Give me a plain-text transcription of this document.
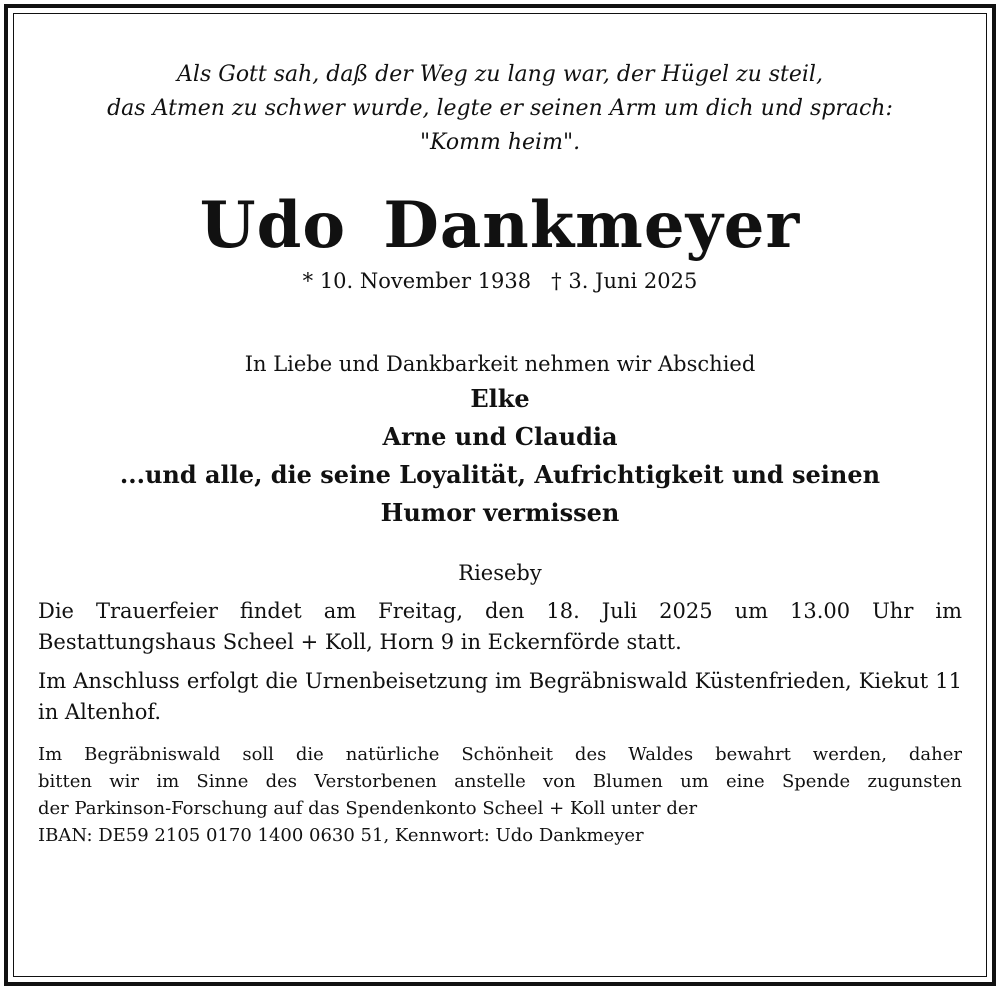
Als Gott sah, daß der Weg zu lang war, der Hügel zu steil,
das Atmen zu schwer wurde, legte er seinen Arm um dich und sprach:
"Komm heim".
Udo Dankmeyer
* 10. November 1938   † 3. Juni 2025
In Liebe und Dankbarkeit nehmen wir Abschied
Elke
Arne und Claudia
...und alle, die seine Loyalität, Aufrichtigkeit und seinen
Humor vermissen
Rieseby
Die Trauerfeier findet am Freitag, den 18. Juli 2025 um 13.00 Uhr im Bestattungshaus Scheel + Koll, Horn 9 in Eckernförde statt.
Im Anschluss erfolgt die Urnenbeisetzung im Begräbniswald Küstenfrieden, Kiekut 11 in Altenhof.
Im Begräbniswald soll die natürliche Schönheit des Waldes bewahrt werden, daher
bitten wir im Sinne des Verstorbenen anstelle von Blumen um eine Spende zugunsten
der Parkinson-Forschung auf das Spendenkonto Scheel + Koll unter der
IBAN: DE59 2105 0170 1400 0630 51, Kennwort: Udo Dankmeyer
